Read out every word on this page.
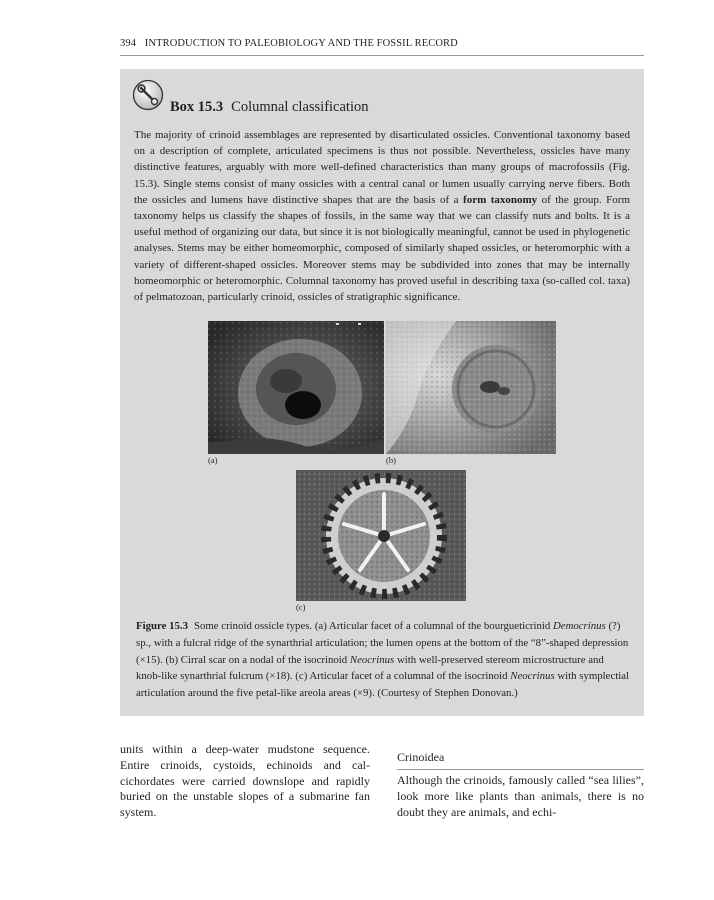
394 INTRODUCTION TO PALEOBIOLOGY AND THE FOSSIL RECORD
Box 15.3 Columnal classification
The majority of crinoid assemblages are represented by disarticulated ossicles. Conventional taxonomy based on a description of complete, articulated specimens is thus not possible. Nevertheless, ossicles have many distinctive features, arguably with more well-defined characteristics than many groups of macrofossils (Fig. 15.3). Single stems consist of many ossicles with a central canal or lumen usually carrying nerve fibers. Both the ossicles and lumens have distinctive shapes that are the basis of a form taxonomy of the group. Form taxonomy helps us classify the shapes of fossils, in the same way that we can classify nuts and bolts. It is a useful method of organizing our data, but since it is not biologically meaningful, cannot be used in phylogenetic analyses. Stems may be either homeomorphic, composed of similarly shaped ossicles, or heteromorphic with a variety of different-shaped ossicles. Moreover stems may be subdivided into zones that may be internally homeomorphic or heteromorphic. Columnal taxonomy has proved useful in describing taxa (so-called col. taxa) of pelmatozoan, particularly crinoid, ossicles of stratigraphic significance.
(a)	(b)
(c)
Figure 15.3 Some crinoid ossicle types. (a) Articular facet of a columnal of the bourgueticrinid Democrinus (?) sp., with a fulcral ridge of the synarthrial articulation; the lumen opens at the bottom of the “8”-shaped depression (×15). (b) Cirral scar on a nodal of the isocrinoid Neocrinus with well-preserved stereom microstructure and knob-like synarthrial fulcrum (×18). (c) Articular facet of a columnal of the isocrinoid Neocrinus with symplectial articulation around the five petal-like areola areas (×9). (Courtesy of Stephen Donovan.)
units within a deep-water mudstone sequence. Entire crinoids, cystoids, echinoids and calcichordates were carried downslope and rapidly buried on the unstable slopes of a submarine fan system.
Crinoidea
Although the crinoids, famously called “sea lilies”, look more like plants than animals, there is no doubt they are animals, and echi-
